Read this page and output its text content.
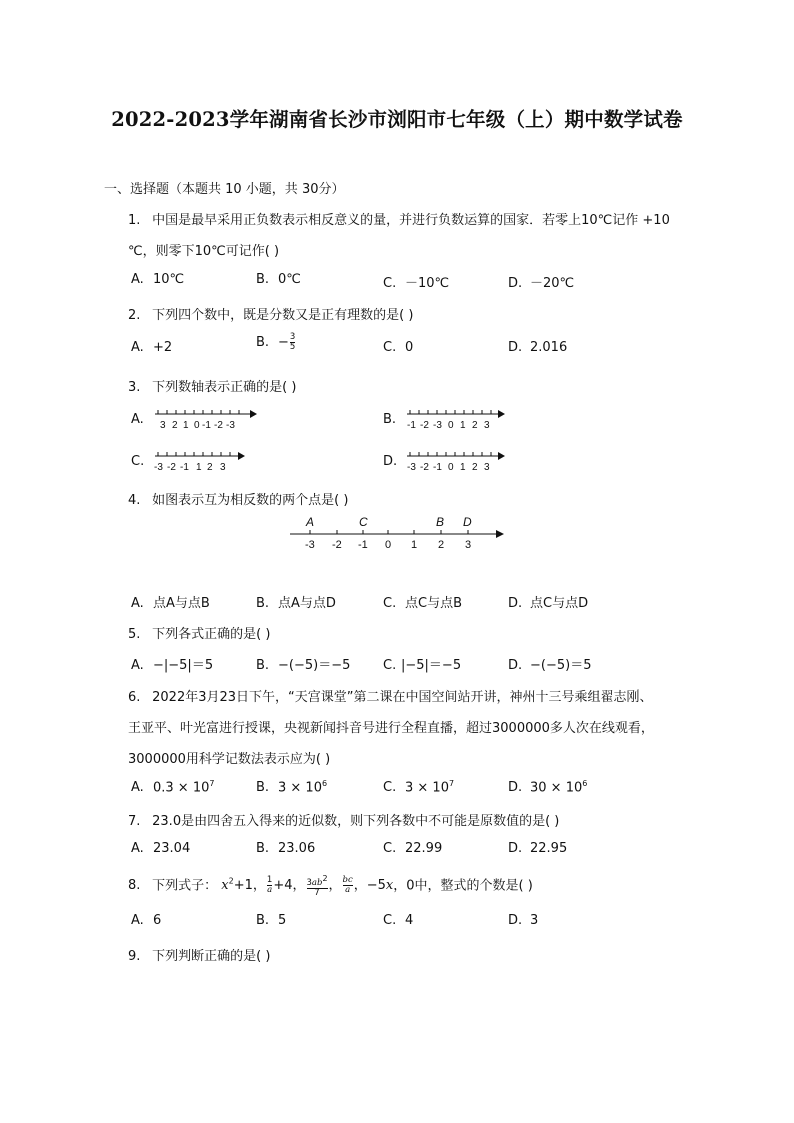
2022-2023学年湖南省长沙市浏阳市七年级（上）期中数学试卷
一、选择题（本题共 10 小题，共 30分）
1. 中国是最早采用正负数表示相反意义的量，并进行负数运算的国家．若零上10℃记作 +10
℃，则零下10℃可记作( )
A. 10℃	B. 0℃	C. －10℃	D. －20℃
2. 下列四个数中，既是分数又是正有理数的是( )
A. +2	B. − $\frac{3}{5}$	C. 0	D. 2.016
3. 下列数轴表示正确的是( )
A.	B.
C.	D.
3 2 1 0 -1 -2 -3	-1 -2 -3 0 1 2 3
-3 -2 -1 1 2 3	-3 -2 -1 0 1 2 3
4. 如图表示互为相反数的两个点是( )
-3 -2 -1 0 1 2 3
A	C	B D
A. 点A与点B	B. 点A与点D	C. 点C与点B	D. 点C与点D
5. 下列各式正确的是( )
A. −|−5|＝5	B. −(−5)＝−5	C. |−5|＝−5	D. −(−5)＝5
6. 2022年3月23日下午，“天宫课堂”第二课在中国空间站开讲，神州十三号乘组翟志刚、
王亚平、叶光富进行授课，央视新闻抖音号进行全程直播，超过3000000多人次在线观看，
3000000用科学记数法表示应为( )
A. $0.3 \times 10^7$	B. $3 \times 10^6$	C. $3 \times 10^7$	D. $30 \times 10^6$
7. 23.0是由四舍五入得来的近似数，则下列各数中不可能是原数值的是( )
A. 23.04	B. 23.06	C. 22.99	D. 22.95
8. 下列式子： $x^2+1$， $\frac{1}{a} +4$， $\frac{3ab^2}{7}$ ， $\frac{bc}{a}$ ，−5x，0中，整式的个数是( )
A. 6	B. 5	C. 4	D. 3
9. 下列判断正确的是( )
